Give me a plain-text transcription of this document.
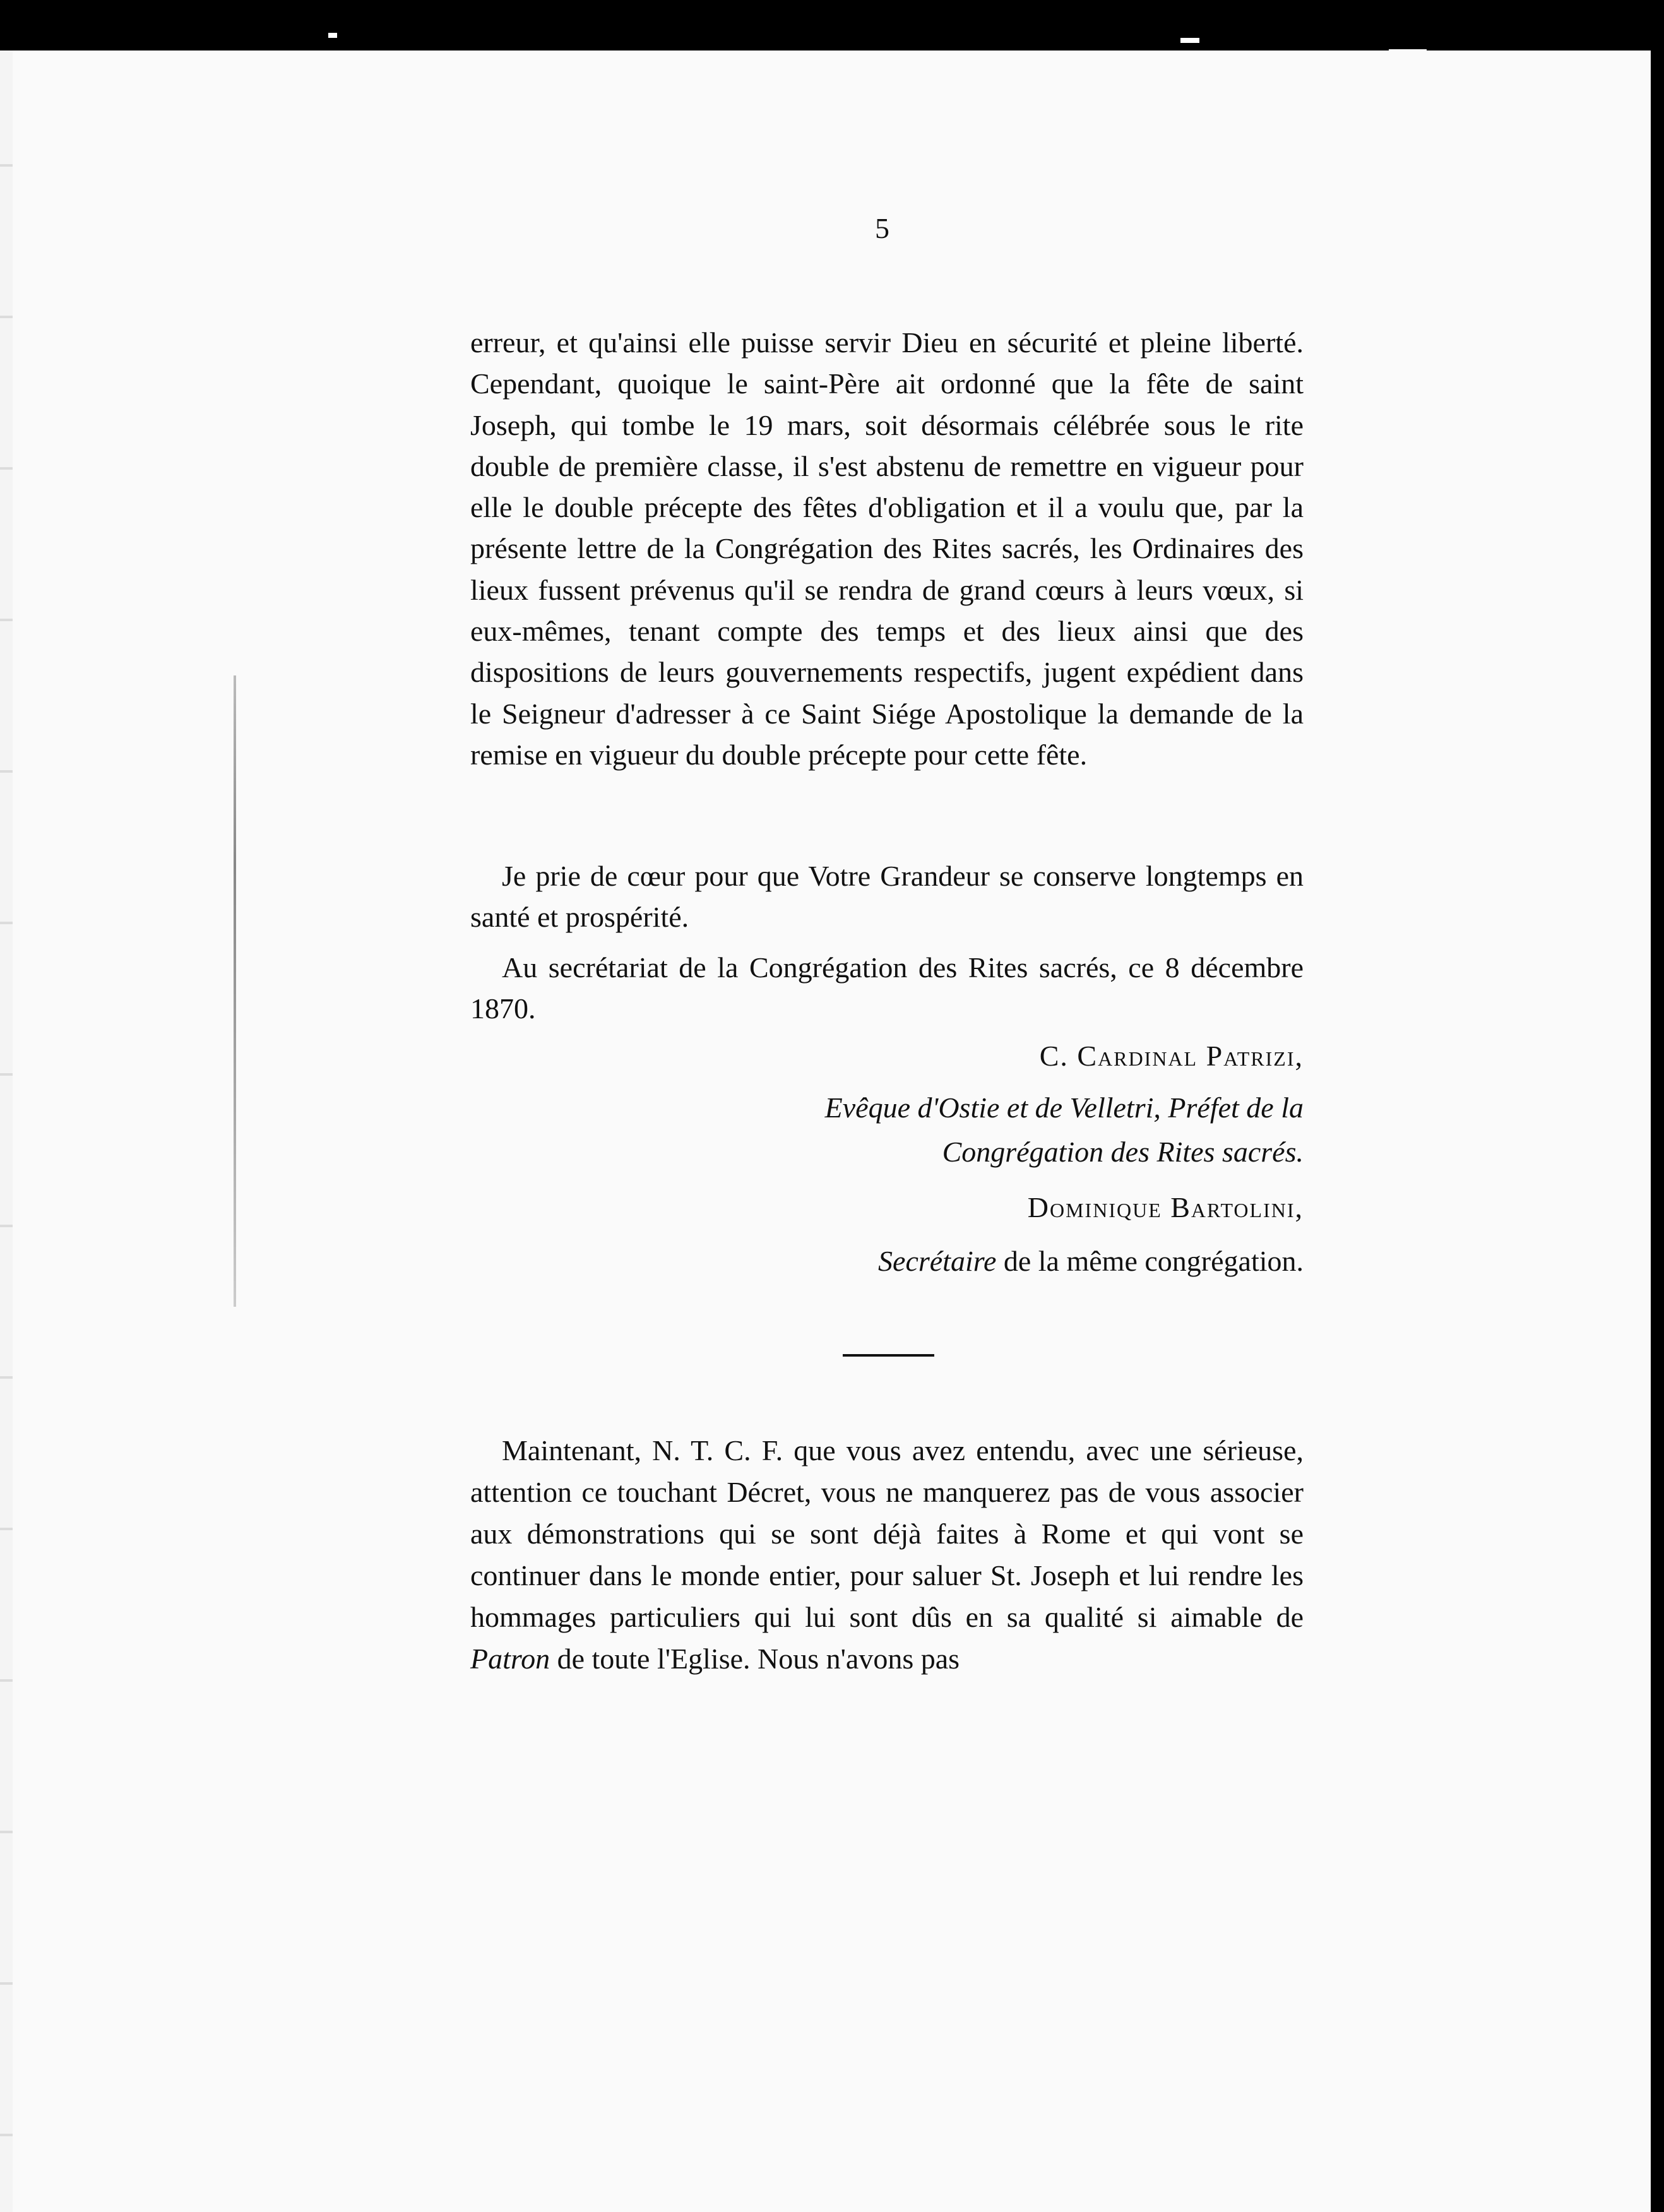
5

erreur, et qu'ainsi elle puisse servir Dieu en sécurité et pleine liberté. Cependant, quoique le saint-Père ait ordonné que la fête de saint Joseph, qui tombe le 19 mars, soit désormais célébrée sous le rite double de première classe, il s'est abstenu de remettre en vigueur pour elle le double précepte des fêtes d'obligation et il a voulu que, par la présente lettre de la Congrégation des Rites sacrés, les Ordinaires des lieux fussent prévenus qu'il se rendra de grand cœurs à leurs vœux, si eux-mêmes, tenant compte des temps et des lieux ainsi que des dispositions de leurs gouvernements respectifs, jugent expédient dans le Seigneur d'adresser à ce Saint Siége Apostolique la demande de la remise en vigueur du double précepte pour cette fête.

Je prie de cœur pour que Votre Grandeur se conserve longtemps en santé et prospérité.

Au secrétariat de la Congrégation des Rites sacrés, ce 8 décembre 1870.

C. Cardinal Patrizi,
Evêque d'Ostie et de Velletri, Préfet de la
Congrégation des Rites sacrés.
Dominique Bartolini,
Secrétaire de la même congrégation.

Maintenant, N. T. C. F. que vous avez entendu, avec une sérieuse, attention ce touchant Décret, vous ne manquerez pas de vous associer aux démonstrations qui se sont déjà faites à Rome et qui vont se continuer dans le monde entier, pour saluer St. Joseph et lui rendre les hommages particuliers qui lui sont dûs en sa qualité si aimable de Patron de toute l'Eglise. Nous n'avons pas
